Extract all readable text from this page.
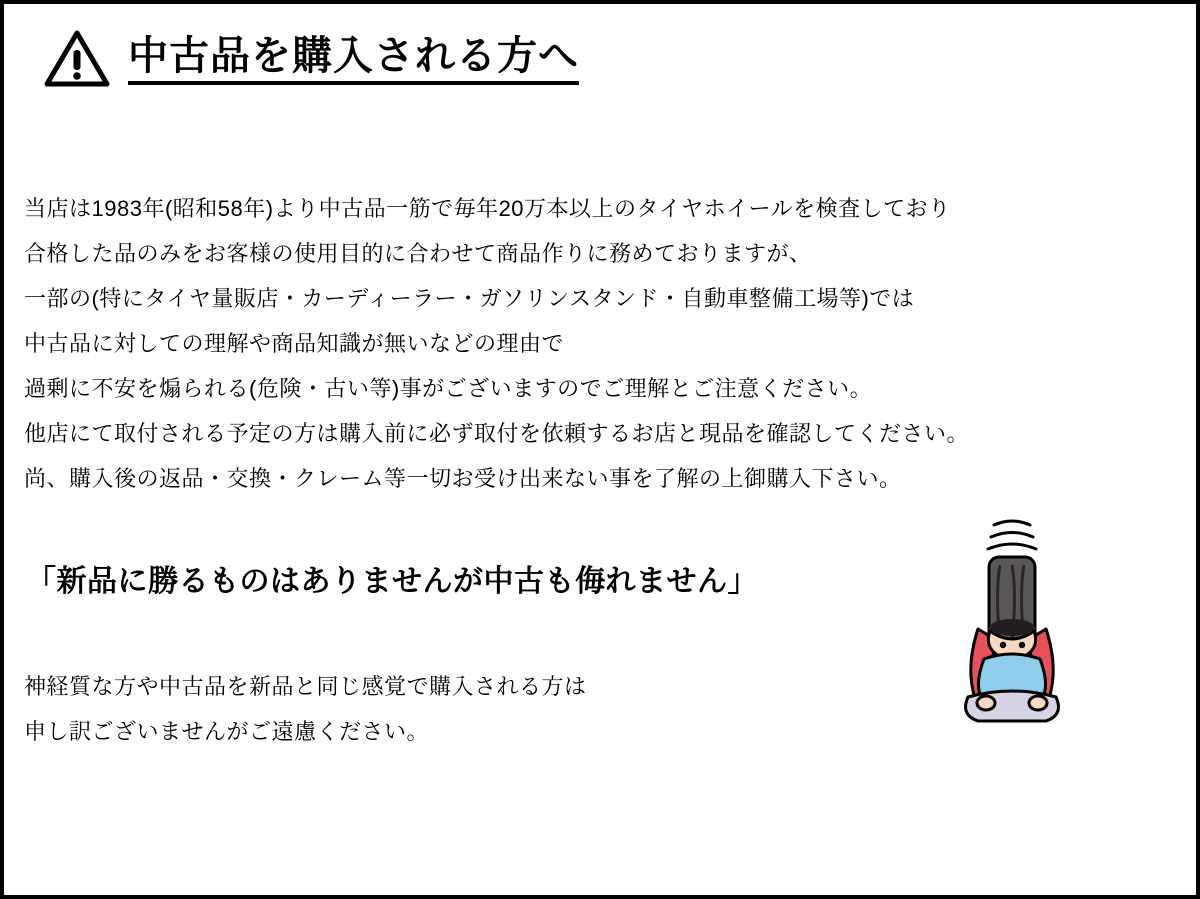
中古品を購入される方へ
当店は1983年(昭和58年)より中古品一筋で毎年20万本以上のタイヤホイールを検査しており
合格した品のみをお客様の使用目的に合わせて商品作りに務めておりますが、
一部の(特にタイヤ量販店・カーディーラー・ガソリンスタンド・自動車整備工場等)では
中古品に対しての理解や商品知識が無いなどの理由で
過剰に不安を煽られる(危険・古い等)事がございますのでご理解とご注意ください。
他店にて取付される予定の方は購入前に必ず取付を依頼するお店と現品を確認してください。
尚、購入後の返品・交換・クレーム等一切お受け出来ない事を了解の上御購入下さい。
「新品に勝るものはありませんが中古も侮れません」
神経質な方や中古品を新品と同じ感覚で購入される方は
申し訳ございませんがご遠慮ください。
